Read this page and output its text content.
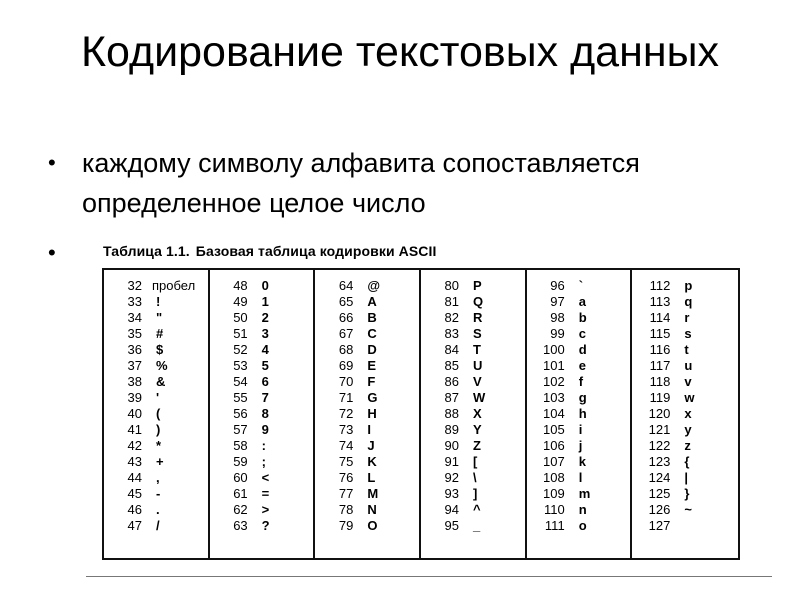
Кодирование текстовых данных
• каждому символу алфавита сопоставляется определенное целое число
•	Таблица 1.1. Базовая таблица кодировки ASCII
32 пробел
33	!
34	"
35	#
36	$
37	%
38	&
39	'
40	(
41	)
42	*
43	+
44	,
45	-
46	.
47	/
48	0
49	1
50	2
51	3
52	4
53	5
54	6
55	7
56	8
57	9
58	:
59	;
60	<
61	=
62	>
63	?
64	@
65	A
66	B
67	C
68	D
69	E
70	F
71	G
72	H
73	I
74	J
75	K
76	L
77	M
78	N
79	O
80	P
81	Q
82	R
83	S
84	T
85	U
86	V
87	W
88	X
89	Y
90	Z
91	[
92	\
93	]
94	^
95	_
96	`
97	a
98	b
99	c
100	d
101	e
102	f
103	g
104	h
105	i
106	j
107	k
108	l
109	m
110	n
111	o
112	p
113	q
114	r
115	s
116	t
117	u
118	v
119	w
120	x
121	y
122	z
123	{
124	|
125	}
126	~
127
